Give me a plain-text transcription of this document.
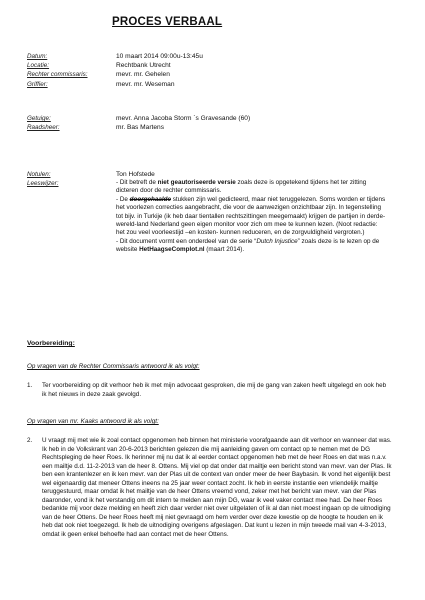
PROCES VERBAAL
Datum:	10 maart 2014 09:00u-13:45u
Locatie:	Rechtbank Utrecht
Rechter commissaris:	mevr. mr. Gehelen
Griffier:	mevr. mr. Weseman
Getuige:	mevr. Anna Jacoba Storm `s Gravesande (60)
Raadsheer:	mr. Bas Martens
Notulen:	Ton Hofstede
Leeswijzer:	- Dit betreft de niet geautoriseerde versie zoals deze is opgetekend tijdens het ter zitting dicteren door de rechter commissaris.

- De doorgehaalde stukken zijn wel gedicteerd, maar niet teruggelezen. Soms worden er tijdens het voorlezen correcties aangebracht, die voor de aanwezigen onzichtbaar zijn. In tegenstelling tot bijv. in Turkije (ik heb daar tientallen rechtszittingen meegemaakt) krijgen de partijen in derde-wereld-land Nederland geen eigen monitor voor zich om mee te kunnen lezen. (Noot redactie: het zou veel voorleestijd –en kosten- kunnen reduceren, en de zorgvuldigheid vergroten.)

- Dit document vormt een onderdeel van de serie “Dutch Injustice” zoals deze is te lezen op de website HetHaagseComplot.nl (maart 2014).

Voorbereiding:
Op vragen van de Rechter Commissaris antwoord ik als volgt:
1.	Ter voorbereiding op dit verhoor heb ik met mijn advocaat gesproken, die mij de gang van zaken heeft uitgelegd en ook heb ik het nieuws in deze zaak gevolgd.
Op vragen van mr. Kaaks antwoord ik als volgt:
2.	U vraagt mij met wie ik zoal contact opgenomen heb binnen het ministerie voorafgaande aan dit verhoor en wanneer dat was. Ik heb in de Volkskrant van 20-6-2013 berichten gelezen die mij aanleiding gaven om contact op te nemen met de DG Rechtspleging de heer Roes. Ik herinner mij nu dat ik al eerder contact opgenomen heb met de heer Roes en dat was n.a.v. een mailtje d.d. 11-2-2013 van de heer 8. Ottens. Mij viel op dat onder dat mailtje een bericht stond van mevr. van der Plas. Ik ben een krantenlezer en ik ken mevr. van der Plas uit de context van onder meer de heer Baybasin. Ik vond het eigenlijk best wel eigenaardig dat meneer Ottens ineens na 25 jaar weer contact zocht. Ik heb in eerste instantie een vriendelijk mailtje teruggestuurd, maar omdat ik het mailtje van de heer Ottens vreemd vond, zeker met het bericht van mevr. van der Plas daaronder, vond ik het verstandig om dit intern te melden aan mijn DG, waar ik veel vaker contact mee had. De heer Roes bedankte mij voor deze melding en heeft zich daar verder niet over uitgelaten of ik al dan niet moest ingaan op de uitnodiging van de heer Ottens. De heer Roes heeft mij niet gevraagd om hem verder over deze kwestie op de hoogte te houden en ik heb dat ook niet toegezegd. Ik heb de uitnodiging overigens afgeslagen. Dat kunt u lezen in mijn tweede mail van 4-3-2013, omdat ik geen enkel behoefte had aan contact met de heer Ottens.
